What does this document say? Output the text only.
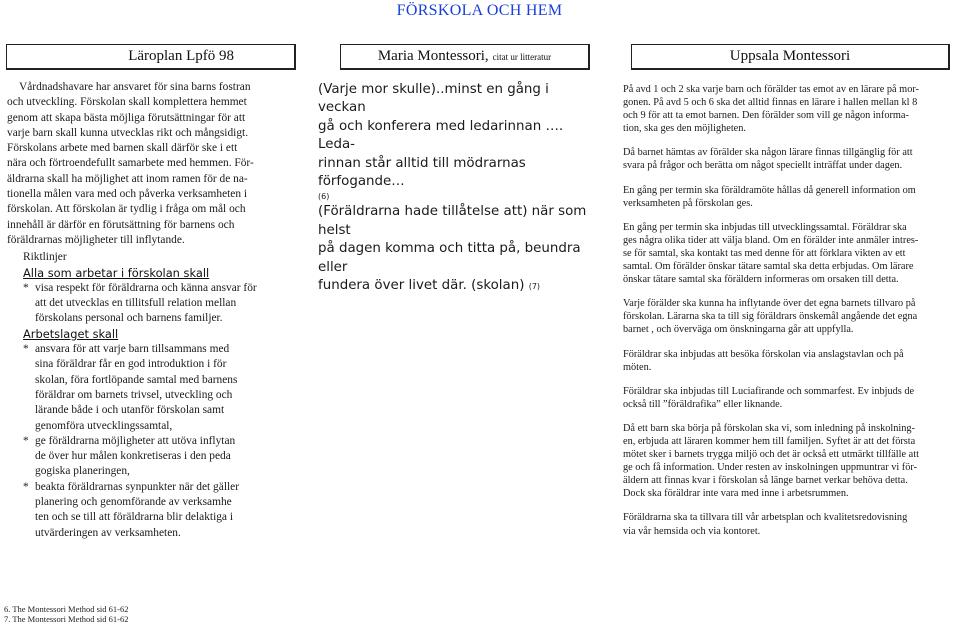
FÖRSKOLA OCH HEM
Läroplan Lpfö 98	Maria Montessori, citat ur litteratur	Uppsala Montessori
Vårdnadshavare har ansvaret för sina barns fostran
och utveckling. Förskolan skall komplettera hemmet
genom att skapa bästa möjliga förutsättningar för att
varje barn skall kunna utvecklas rikt och mångsidigt.
Förskolans arbete med barnen skall därför ske i ett
nära och förtroendefullt samarbete med hemmen. För-
äldrarna skall ha möjlighet att inom ramen för de na-
tionella målen vara med och påverka verksamheten i
förskolan. Att förskolan är tydlig i fråga om mål och
innehåll är därför en förutsättning för barnens och
föräldrarnas möjligheter till inflytande.
Riktlinjer
Alla som arbetar i förskolan skall
* visa respekt för föräldrarna och känna ansvar för
att det utvecklas en tillitsfull relation mellan
förskolans personal och barnens familjer.
Arbetslaget skall
* ansvara för att varje barn tillsammans med
sina föräldrar får en god introduktion i för
skolan, föra fortlöpande samtal med barnens
föräldrar om barnets trivsel, utveckling och
lärande både i och utanför förskolan samt
genomföra utvecklingssamtal,
* ge föräldrarna möjligheter att utöva inflytan
de över hur målen konkretiseras i den peda
gogiska planeringen,
* beakta föräldrarnas synpunkter när det gäller
planering och genomförande av verksamhe
ten och se till att föräldrarna blir delaktiga i
utvärderingen av verksamheten.

(Varje mor skulle)..minst en gång i veckan
gå och konferera med ledarinnan …. Leda-
rinnan står alltid till mödrarnas förfogande…

(6)

(Föräldrarna hade tillåtelse att) när som helst
på dagen komma och titta på, beundra eller
fundera över livet där. (skolan) (7)

På avd 1 och 2 ska varje barn och förälder tas emot av en lärare på mor-
gonen. På avd 5 och 6 ska det alltid finnas en lärare i hallen mellan kl 8
och 9 för att ta emot barnen. Den förälder som vill ge någon informa-
tion, ska ges den möjligheten.

Då barnet hämtas av förälder ska någon lärare finnas tillgänglig för att
svara på frågor och berätta om något speciellt inträffat under dagen.

En gång per termin ska föräldramöte hållas då generell information om
verksamheten på förskolan ges.

En gång per termin ska inbjudas till utvecklingssamtal. Föräldrar ska
ges några olika tider att välja bland. Om en förälder inte anmäler intres-
se för samtal, ska kontakt tas med denne för att förklara vikten av ett
samtal. Om förälder önskar tätare samtal ska detta erbjudas. Om lärare
önskar tätare samtal ska föräldern informeras om orsaken till detta.

Varje förälder ska kunna ha inflytande över det egna barnets tillvaro på
förskolan. Lärarna ska ta till sig föräldrars önskemål angående det egna
barnet , och överväga om önskningarna går att uppfylla.

Föräldrar ska inbjudas att besöka förskolan via anslagstavlan och på
möten.

Föräldrar ska inbjudas till Luciafirande och sommarfest. Ev inbjuds de
också till ”föräldrafika” eller liknande.

Då ett barn ska börja på förskolan ska vi, som inledning på inskolning-
en, erbjuda att läraren kommer hem till familjen. Syftet är att det första
mötet sker i barnets trygga miljö och det är också ett utmärkt tillfälle att
ge och få information. Under resten av inskolningen uppmuntrar vi för-
äldern att finnas kvar i förskolan så länge barnet verkar behöva detta.
Dock ska föräldrar inte vara med inne i arbetsrummen.

Föräldrarna ska ta tillvara till vår arbetsplan och kvalitetsredovisning
via vår hemsida och via kontoret.

6. The Montessori Method sid 61-62
7. The Montessori Method sid 61-62
